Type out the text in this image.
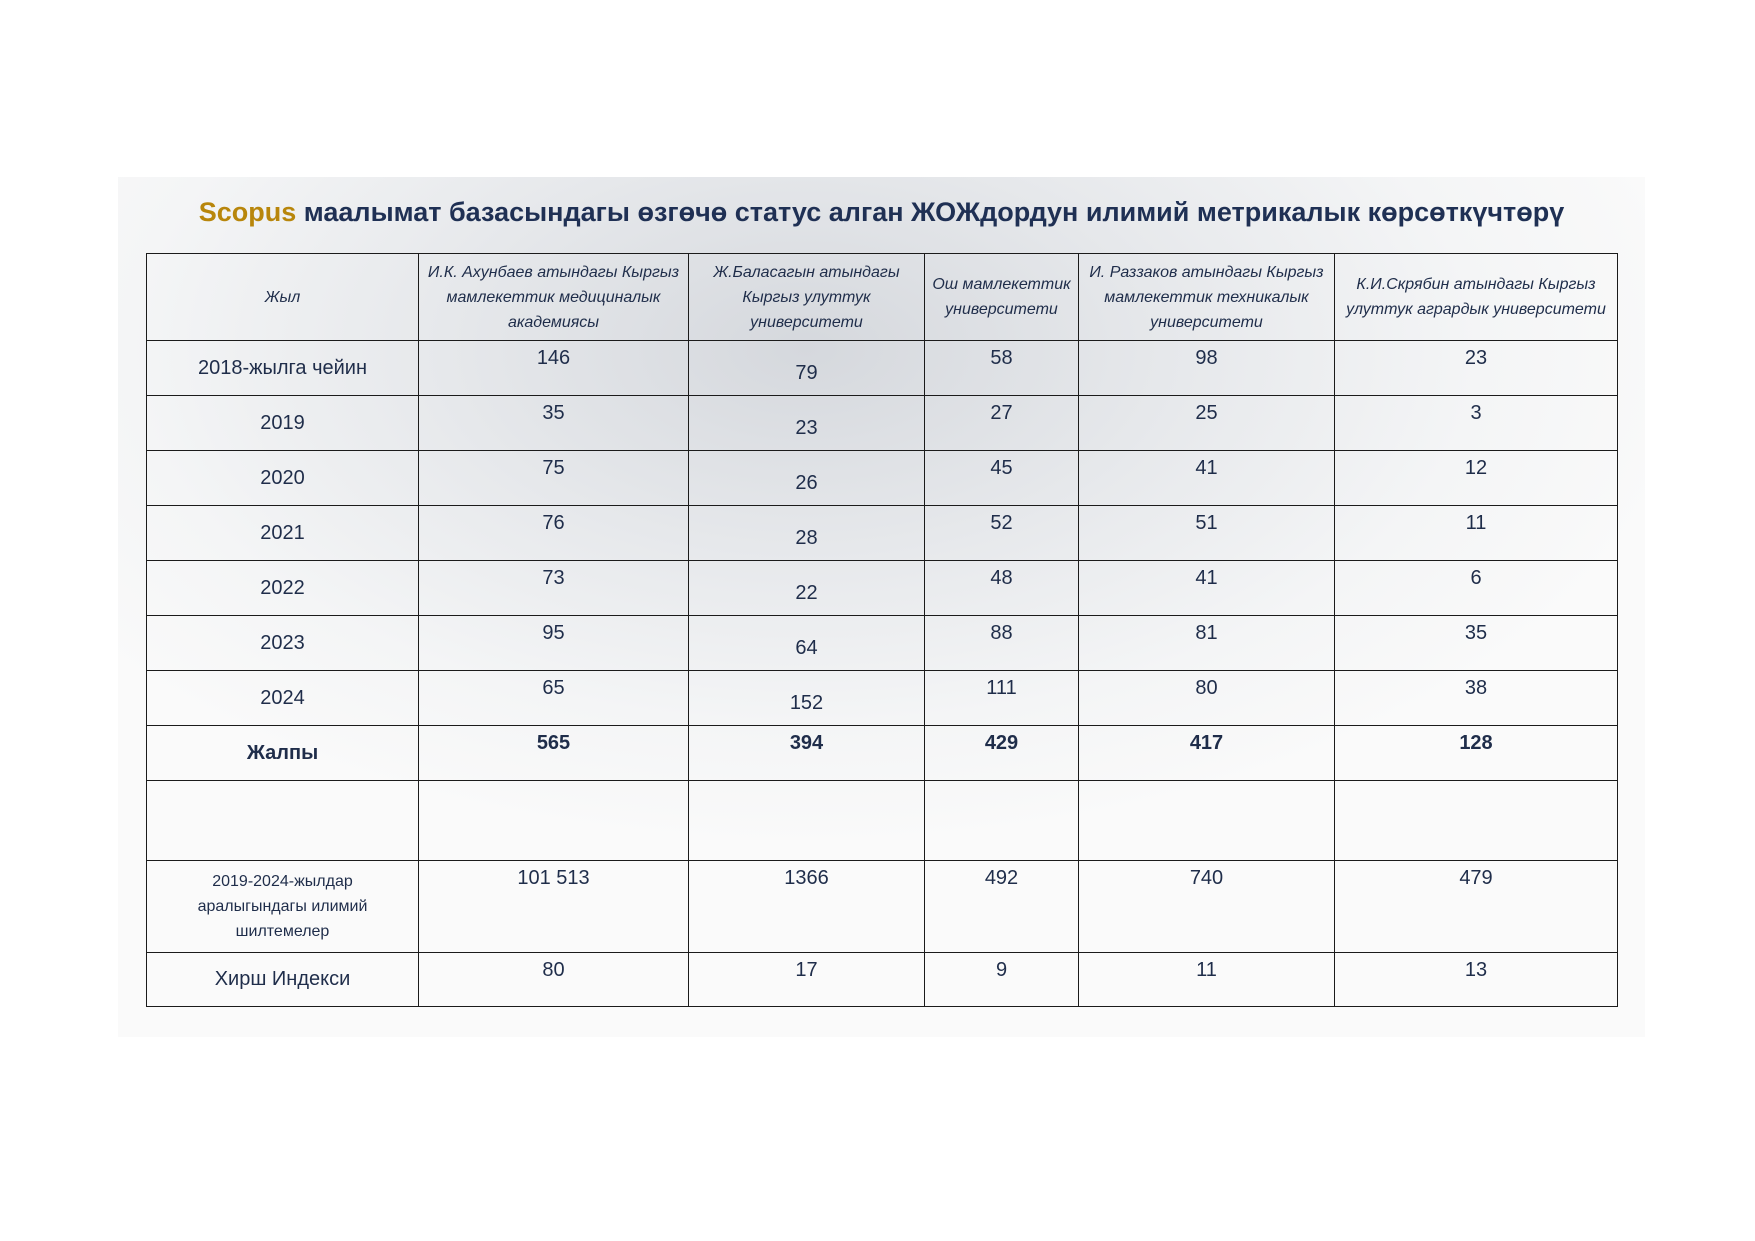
Scopus маалымат базасындагы өзгөчө статус алган ЖОЖдордун илимий метрикалык көрсөткүчтөрү
Жыл	И.К. Ахунбаев атындагы Кыргыз мамлекеттик медициналык академиясы	Ж.Баласагын атындагы Кыргыз улуттук университети	Ош мамлекеттик университети	И. Раззаков атындагы Кыргыз мамлекеттик техникалык университети	К.И.Скрябин атындагы Кыргыз улуттук агрардык университети
2018-жылга чейин	146	79	58	98	23
2019	35	23	27	25	3
2020	75	26	45	41	12
2021	76	28	52	51	11
2022	73	22	48	41	6
2023	95	64	88	81	35
2024	65	152	111	80	38
Жалпы	565	394	429	417	128

2019-2024-жылдар аралыгындагы илимий шилтемелер	101 513	1366	492	740	479
Хирш Индекси	80	17	9	11	13
